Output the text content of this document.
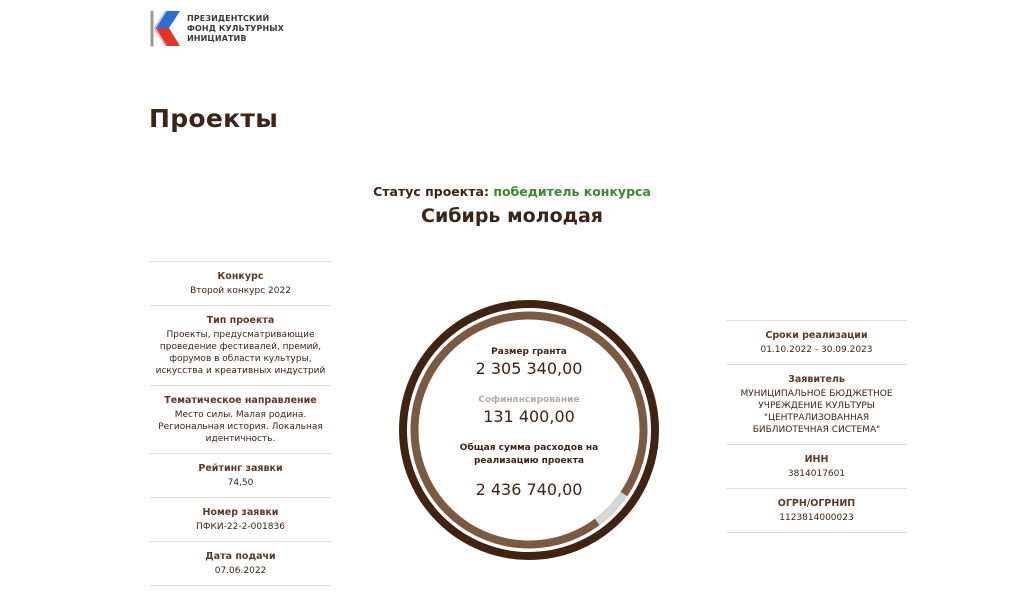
ПРЕЗИДЕНТСКИЙ
ФОНД КУЛЬТУРНЫХ
ИНИЦИАТИВ
Проекты
Статус проекта: победитель конкурса
Сибирь молодая
Конкурс
Второй конкурс 2022
Тип проекта
Проекты, предусматривающие проведение фестивалей, премий, форумов в области культуры, искусства и креативных индустрий
Тематическое направление
Место силы. Малая родина. Региональная история. Локальная идентичность.
Рейтинг заявки
74,50
Номер заявки
ПФКИ-22-2-001836
Дата подачи
07.06.2022
Размер гранта
2 305 340,00
Софинансирование
131 400,00
Общая сумма расходов на
реализацию проекта
2 436 740,00
Сроки реализации
01.10.2022 - 30.09.2023
Заявитель
МУНИЦИПАЛЬНОЕ БЮДЖЕТНОЕ УЧРЕЖДЕНИЕ КУЛЬТУРЫ "ЦЕНТРАЛИЗОВАННАЯ БИБЛИОТЕЧНАЯ СИСТЕМА"
ИНН
3814017601
ОГРН/ОГРНИП
1123814000023
